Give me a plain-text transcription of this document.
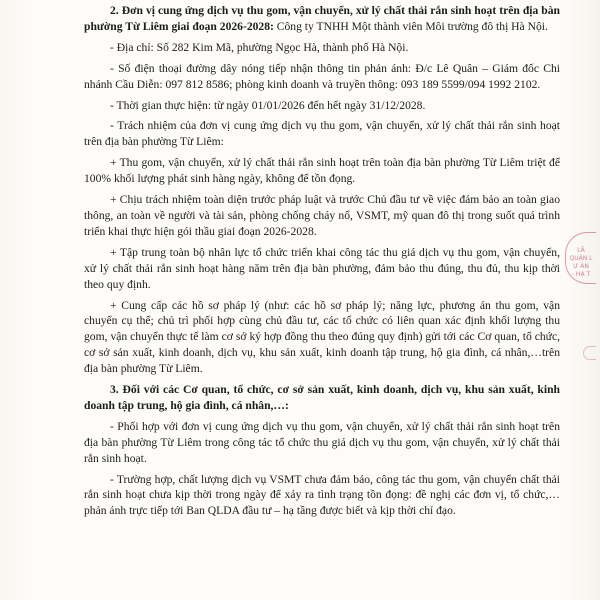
2. Đơn vị cung ứng dịch vụ thu gom, vận chuyển, xử lý chất thải rắn sinh hoạt trên địa bàn phường Từ Liêm giai đoạn 2026-2028: Công ty TNHH Một thành viên Môi trường đô thị Hà Nội.

- Địa chỉ: Số 282 Kim Mã, phường Ngọc Hà, thành phố Hà Nội.

- Số điện thoại đường dây nóng tiếp nhận thông tin phản ánh: Đ/c Lê Quân – Giám đốc Chi nhánh Cầu Diễn: 097 812 8586; phòng kinh doanh và truyền thông: 093 189 5599/094 1992 2102.

- Thời gian thực hiện: từ ngày 01/01/2026 đến hết ngày 31/12/2028.

- Trách nhiệm của đơn vị cung ứng dịch vụ thu gom, vận chuyển, xử lý chất thải rắn sinh hoạt trên địa bàn phường Từ Liêm:

+ Thu gom, vận chuyển, xử lý chất thải rắn sinh hoạt trên toàn địa bàn phường Từ Liêm triệt để 100% khối lượng phát sinh hàng ngày, không để tồn đọng.

+ Chịu trách nhiệm toàn diện trước pháp luật và trước Chủ đầu tư về việc đảm bảo an toàn giao thông, an toàn về người và tài sản, phòng chống cháy nổ, VSMT, mỹ quan đô thị trong suốt quá trình triển khai thực hiện gói thầu giai đoạn 2026-2028.

+ Tập trung toàn bộ nhân lực tổ chức triển khai công tác thu giá dịch vụ thu gom, vận chuyển, xử lý chất thải rắn sinh hoạt hàng năm trên địa bàn phường, đảm bảo thu đúng, thu đủ, thu kịp thời theo quy định.

+ Cung cấp các hồ sơ pháp lý (như: các hồ sơ pháp lý; năng lực, phương án thu gom, vận chuyển cụ thể; chủ trì phối hợp cùng chủ đầu tư, các tổ chức có liên quan xác định khối lượng thu gom, vận chuyển thực tế làm cơ sở ký hợp đồng thu theo đúng quy định) gửi tới các Cơ quan, tổ chức, cơ sở sản xuất, kinh doanh, dịch vụ, khu sản xuất, kinh doanh tập trung, hộ gia đình, cá nhân,…trên địa bàn phường Từ Liêm.

3. Đối với các Cơ quan, tổ chức, cơ sở sản xuất, kinh doanh, dịch vụ, khu sản xuất, kinh doanh tập trung, hộ gia đình, cá nhân,…:

- Phối hợp với đơn vị cung ứng dịch vụ thu gom, vận chuyển, xử lý chất thải rắn sinh hoạt trên địa bàn phường Từ Liêm trong công tác tổ chức thu giá dịch vụ thu gom, vận chuyển, xử lý chất thải rắn sinh hoạt.

- Trường hợp, chất lượng dịch vụ VSMT chưa đảm bảo, công tác thu gom, vận chuyển chất thải rắn sinh hoạt chưa kịp thời trong ngày để xảy ra tình trạng tồn đọng: đề nghị các đơn vị, tổ chức,…phản ánh trực tiếp tới Ban QLDA đầu tư – hạ tầng được biết và kịp thời chỉ đạo.

LÃ
QUẬN L
Ự ÁN
- HẠ T
